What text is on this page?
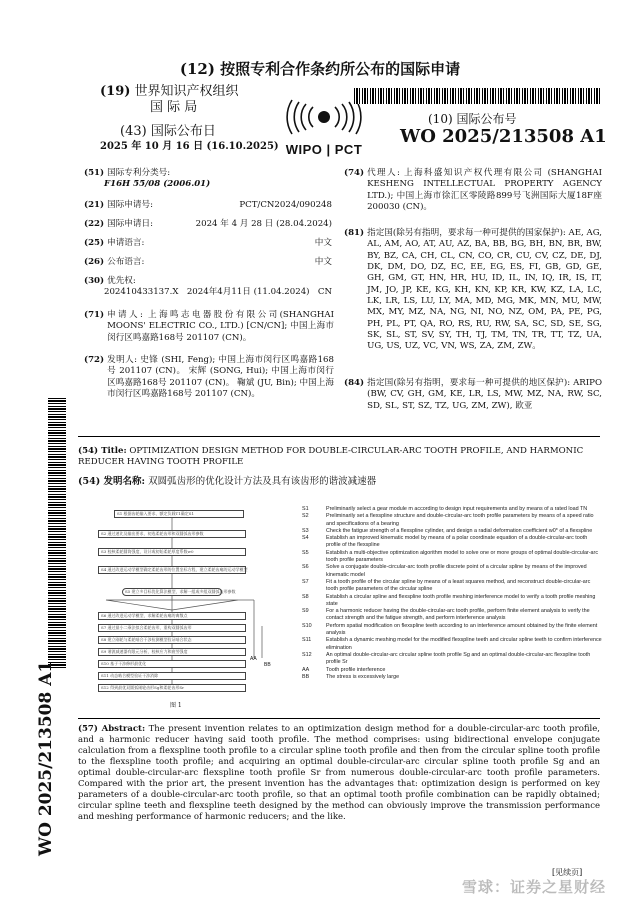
(12) 按照专利合作条约所公布的国际申请
(19) 世界知识产权组织
国 际 局
(43) 国际公布日
2025 年 10 月 16 日 (16.10.2025) WIPO | PCT
(10) 国际公布号
WO 2025/213508 A1
WO 2025/213508 A1
(51) 国际专利分类号:
F16H 55/08 (2006.01)
(21) 国际申请号:	PCT/CN2024/090248
(22) 国际申请日:	2024 年 4 月 28 日 (28.04.2024)
(25) 申请语言:	中文
(26) 公布语言:	中文
(30) 优先权:
202410433137.X 2024年4月11日 (11.04.2024) CN
(71) 申请人: 上海鸣志电器股份有限公司(SHANGHAI MOONS' ELECTRIC CO., LTD.) [CN/CN]; 中国上海市闵行区鸣嘉路168号 201107 (CN)。
(72) 发明人: 史锋 (SHI, Feng); 中国上海市闵行区鸣嘉路168号 201107 (CN)。 宋辉 (SONG, Hui); 中国上海市闵行区鸣嘉路168号 201107 (CN)。 鞠斌 (JU, Bin); 中国上海市闵行区鸣嘉路168号 201107 (CN)。
(74) 代理人: 上海科盛知识产权代理有限公司 (SHANGHAI KESHENG INTELLECTUAL PROPERTY AGENCY LTD.); 中国上海市徐汇区零陵路899号飞洲国际大厦18F座 200030 (CN)。
(81) 指定国(除另有指明，要求每一种可提供的国家保护): AE, AG, AL, AM, AO, AT, AU, AZ, BA, BB, BG, BH, BN, BR, BW, BY, BZ, CA, CH, CL, CN, CO, CR, CU, CV, CZ, DE, DJ, DK, DM, DO, DZ, EC, EE, EG, ES, FI, GB, GD, GE, GH, GM, GT, HN, HR, HU, ID, IL, IN, IQ, IR, IS, IT, JM, JO, JP, KE, KG, KH, KN, KP, KR, KW, KZ, LA, LC, LK, LR, LS, LU, LY, MA, MD, MG, MK, MN, MU, MW, MX, MY, MZ, NA, NG, NI, NO, NZ, OM, PA, PE, PG, PH, PL, PT, QA, RO, RS, RU, RW, SA, SC, SD, SE, SG, SK, SL, ST, SV, SY, TH, TJ, TM, TN, TR, TT, TZ, UA, UG, US, UZ, VC, VN, WS, ZA, ZM, ZW。
(84) 指定国(除另有指明，要求每一种可提供的地区保护): ARIPO (BW, CV, GH, GM, KE, LR, LS, MW, MZ, NA, RW, SC, SD, SL, ST, SZ, TZ, UG, ZM, ZW), 欧亚
(54) Title: OPTIMIZATION DESIGN METHOD FOR DOUBLE-CIRCULAR-ARC TOOTH PROFILE, AND HARMONIC REDUCER HAVING TOOTH PROFILE
(54) 发明名称: 双圆弧齿形的优化设计方法及具有该齿形的谐波减速器
S1 根据齿轮输入要求、额定负载T1确定S1
S2 通过速比及输出要求，初选柔轮齿形和双圆弧齿形参数
S3 校核柔轮圆筒强度，设计或初始柔轮厚度系数w0
S4 通过改进运动学模型确定柔轮齿形的位置坐标方程，建立柔轮齿廓的运动学模型
S5 建立多目标优化算法模型，求解一组或多组双圆弧齿形参数
S6 通过改进运动学模型，求解柔轮齿廓的离散点
S7 通过最小二乘法拟合柔轮齿形，重构双圆弧齿形
S8 建立刚轮与柔轮啮合干涉检测模型验证啮合状态
S9 谐波减速器有限元分析，校核应力和疲劳强度
S10 基于干涉修形最优化
S11 动态啮合模型验证干涉消除
S12 得到最优双圆弧刚轮齿形Sg和柔轮齿形Sr
AA
BB
图 1
S1	Preliminarily select a gear module m according to design input requirements and by means of a rated load TN
S2	Preliminarily set a flexspline structure and double-circular-arc tooth profile parameters by means of a speed ratio and specifications of a bearing
S3	Check the fatigue strength of a flexspline cylinder, and design a radial deformation coefficient w0* of a flexspline
S4	Establish an improved kinematic model by means of a polar coordinate equation of a double-circular-arc tooth profile of the flexspline
S5	Establish a multi-objective optimization algorithm model to solve one or more groups of optimal double-circular-arc tooth profile parameters
S6	Solve a conjugate double-circular-arc tooth profile discrete point of a circular spline by means of the improved kinematic model
S7	Fit a tooth profile of the circular spline by means of a least squares method, and reconstruct double-circular-arc tooth profile parameters of the circular spline
S8	Establish a circular spline and flexspline tooth profile meshing interference model to verify a tooth profile meshing state
S9	For a harmonic reducer having the double-circular-arc tooth profile, perform finite element analysis to verify the contact strength and the fatigue strength, and perform interference analysis
S10	Perform spatial modification on flexspline teeth according to an interference amount obtained by the finite element analysis
S11	Establish a dynamic meshing model for the modified flexspline teeth and circular spline teeth to confirm interference elimination
S12	An optimal double-circular-arc circular spline tooth profile Sg and an optimal double-circular-arc flexspline tooth profile Sr
AA	Tooth profile interference
BB	The stress is excessively large
(57) Abstract: The present invention relates to an optimization design method for a double-circular-arc tooth profile, and a harmonic reducer having said tooth profile. The method comprises: using bidirectional envelope conjugate calculation from a flexspline tooth profile to a circular spline tooth profile and then from the circular spline tooth profile to the flexspline tooth profile; and acquiring an optimal double-circular-arc circular spline tooth profile Sg and an optimal double-circular-arc flexspline tooth profile Sr from numerous double-circular-arc tooth profile parameters. Compared with the prior art, the present invention has the advantages that: optimization design is performed on key parameters of a double-circular-arc tooth profile, so that an optimal tooth profile combination can be rapidly obtained; circular spline teeth and flexspline teeth designed by the method can obviously improve the transmission performance and meshing performance of harmonic reducers; and the like.
[见续页]
雪球：证券之星财经
